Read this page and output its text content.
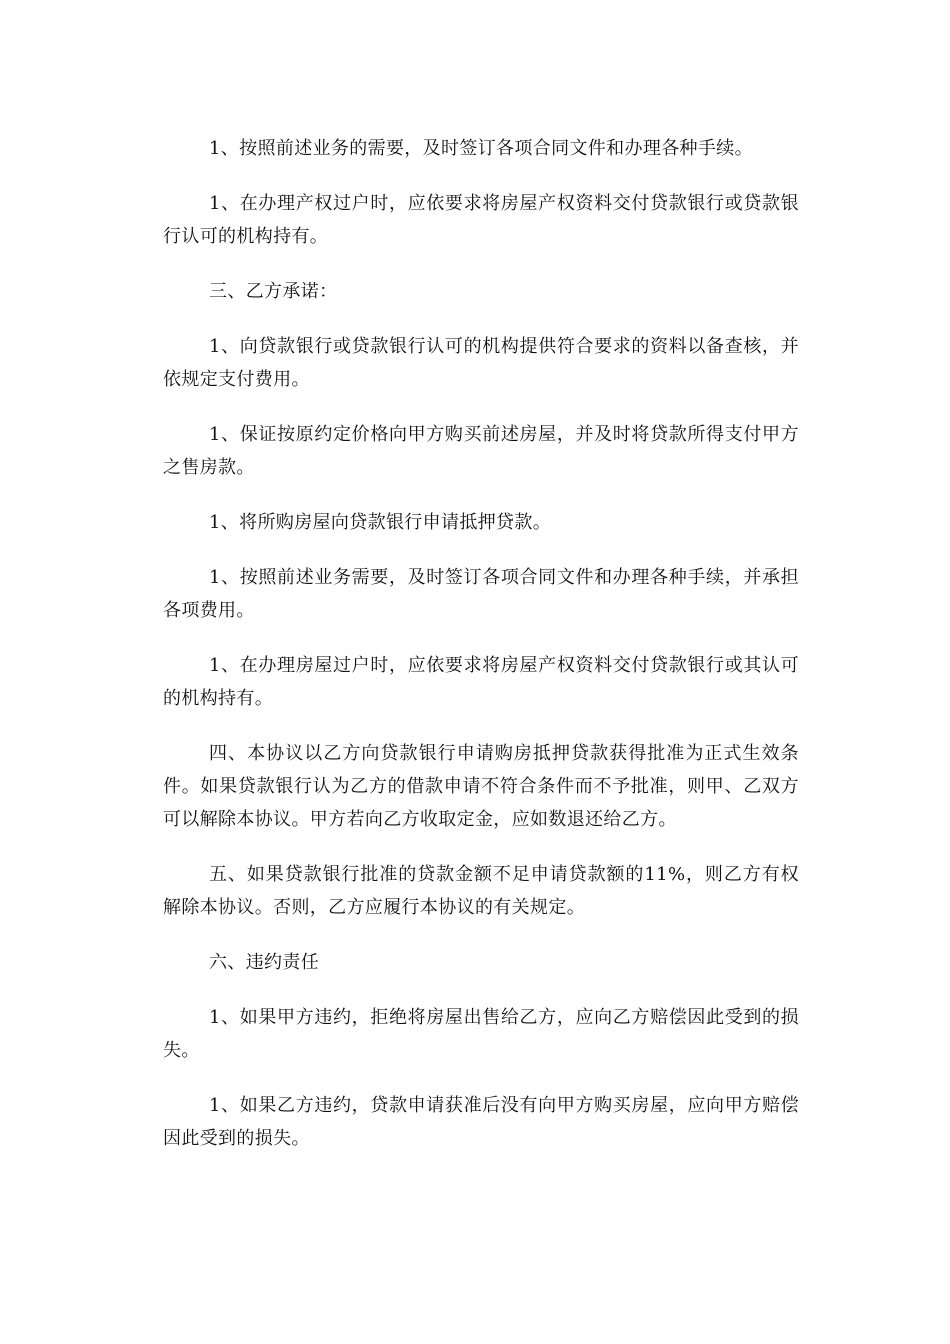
1、按照前述业务的需要，及时签订各项合同文件和办理各种手续。

1、在办理产权过户时，应依要求将房屋产权资料交付贷款银行或贷款银行认可的机构持有。

三、乙方承诺：

1、向贷款银行或贷款银行认可的机构提供符合要求的资料以备查核，并依规定支付费用。

1、保证按原约定价格向甲方购买前述房屋，并及时将贷款所得支付甲方之售房款。

1、将所购房屋向贷款银行申请抵押贷款。

1、按照前述业务需要，及时签订各项合同文件和办理各种手续，并承担各项费用。

1、在办理房屋过户时，应依要求将房屋产权资料交付贷款银行或其认可的机构持有。

四、本协议以乙方向贷款银行申请购房抵押贷款获得批准为正式生效条件。如果贷款银行认为乙方的借款申请不符合条件而不予批准，则甲、乙双方可以解除本协议。甲方若向乙方收取定金，应如数退还给乙方。

五、如果贷款银行批准的贷款金额不足申请贷款额的11%，则乙方有权解除本协议。否则，乙方应履行本协议的有关规定。

六、违约责任

1、如果甲方违约，拒绝将房屋出售给乙方，应向乙方赔偿因此受到的损失。

1、如果乙方违约，贷款申请获准后没有向甲方购买房屋，应向甲方赔偿因此受到的损失。
